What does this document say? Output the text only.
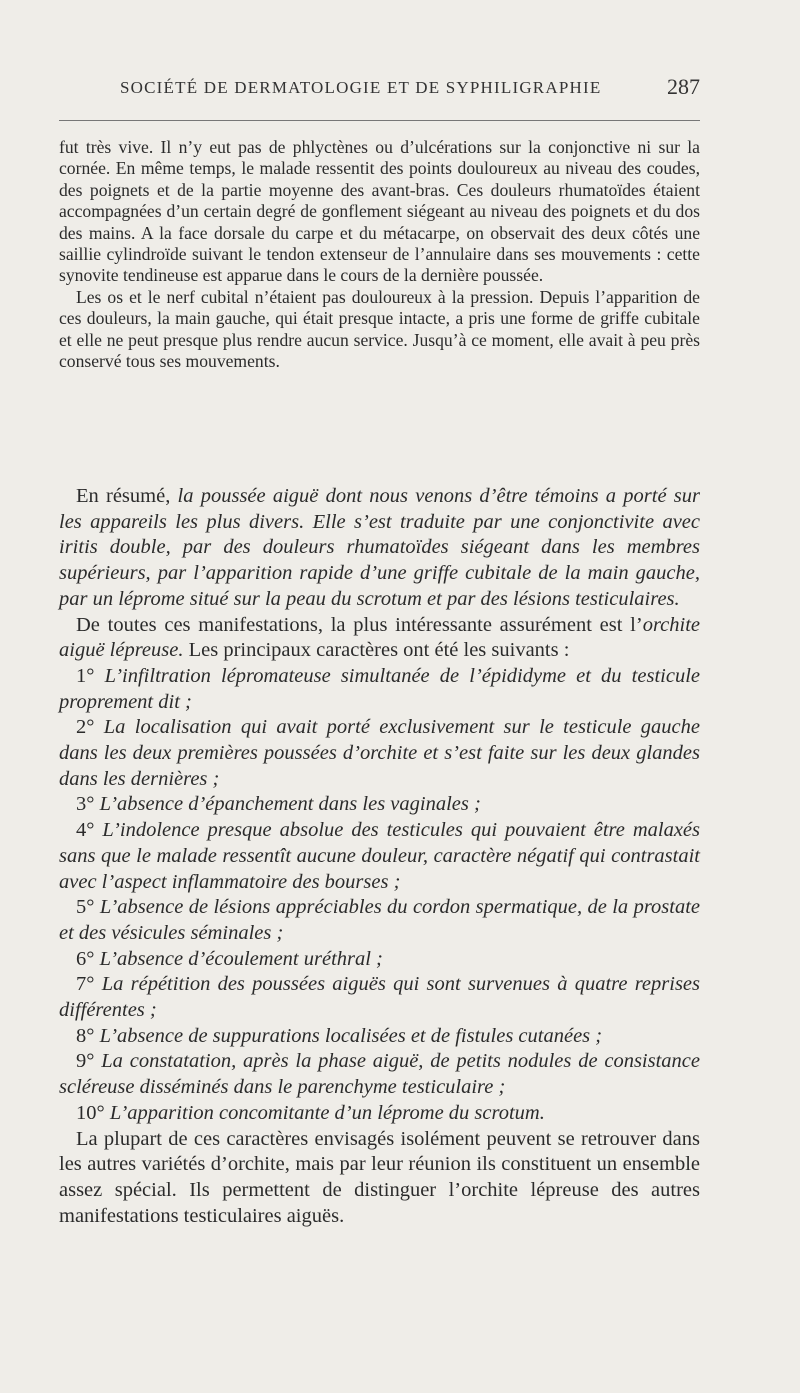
SOCIÉTÉ DE DERMATOLOGIE ET DE SYPHILIGRAPHIE	287

fut très vive. Il n’y eut pas de phlyctènes ou d’ulcérations sur la conjonctive ni sur la cornée. En même temps, le malade ressentit des points douloureux au niveau des coudes, des poignets et de la partie moyenne des avant-bras. Ces douleurs rhumatoïdes étaient accompagnées d’un certain degré de gonflement siégeant au niveau des poignets et du dos des mains. A la face dorsale du carpe et du métacarpe, on observait des deux côtés une saillie cylindroïde suivant le tendon extenseur de l’annulaire dans ses mouvements : cette synovite tendineuse est apparue dans le cours de la dernière poussée.

Les os et le nerf cubital n’étaient pas douloureux à la pression. Depuis l’apparition de ces douleurs, la main gauche, qui était presque intacte, a pris une forme de griffe cubitale et elle ne peut presque plus rendre aucun service. Jusqu’à ce moment, elle avait à peu près conservé tous ses mouvements.

En résumé, la poussée aiguë dont nous venons d’être témoins a porté sur les appareils les plus divers. Elle s’est traduite par une conjonctivite avec iritis double, par des douleurs rhumatoïdes siégeant dans les membres supérieurs, par l’apparition rapide d’une griffe cubitale de la main gauche, par un léprome situé sur la peau du scrotum et par des lésions testiculaires.

De toutes ces manifestations, la plus intéressante assurément est l’orchite aiguë lépreuse. Les principaux caractères ont été les suivants :

1° L’infiltration lépromateuse simultanée de l’épididyme et du testicule proprement dit ;

2° La localisation qui avait porté exclusivement sur le testicule gauche dans les deux premières poussées d’orchite et s’est faite sur les deux glandes dans les dernières ;

3° L’absence d’épanchement dans les vaginales ;

4° L’indolence presque absolue des testicules qui pouvaient être malaxés sans que le malade ressentît aucune douleur, caractère négatif qui contrastait avec l’aspect inflammatoire des bourses ;

5° L’absence de lésions appréciables du cordon spermatique, de la prostate et des vésicules séminales ;

6° L’absence d’écoulement uréthral ;

7° La répétition des poussées aiguës qui sont survenues à quatre reprises différentes ;

8° L’absence de suppurations localisées et de fistules cutanées ;

9° La constatation, après la phase aiguë, de petits nodules de consistance scléreuse disséminés dans le parenchyme testiculaire ;

10° L’apparition concomitante d’un léprome du scrotum.

La plupart de ces caractères envisagés isolément peuvent se retrouver dans les autres variétés d’orchite, mais par leur réunion ils constituent un ensemble assez spécial. Ils permettent de distinguer l’orchite lépreuse des autres manifestations testiculaires aiguës.
